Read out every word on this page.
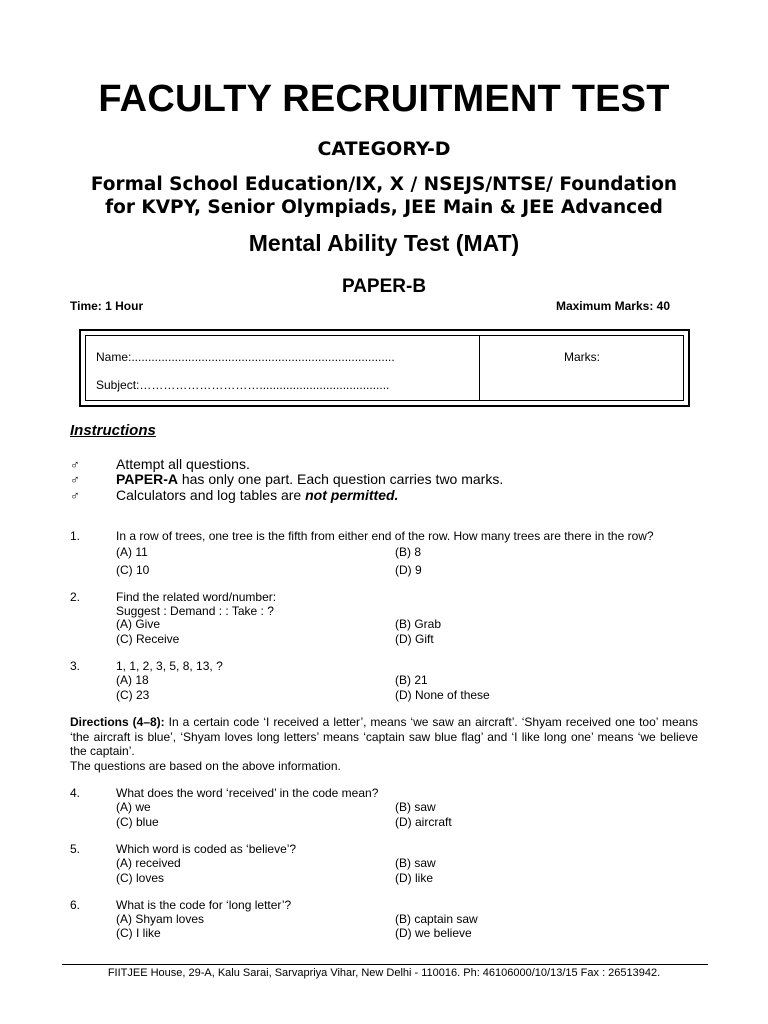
FACULTY RECRUITMENT TEST
CATEGORY-D
Formal School Education/IX, X / NSEJS/NTSE/ Foundation
for KVPY, Senior Olympiads, JEE Main & JEE Advanced
Mental Ability Test (MAT)
PAPER-B
Time: 1 Hour	Maximum Marks: 40
Name:...............................................................................
Subject:………………………….......................................
Marks:
Instructions
♂	Attempt all questions.
♂	PAPER-A has only one part. Each question carries two marks.
♂	Calculators and log tables are not permitted.
1.	In a row of trees, one tree is the fifth from either end of the row. How many trees are there in the row?
(A) 11	(B) 8
(C) 10	(D) 9
2.	Find the related word/number:
Suggest : Demand : : Take : ?
(A) Give	(B) Grab
(C) Receive	(D) Gift
3.	1, 1, 2, 3, 5, 8, 13, ?
(A) 18	(B) 21
(C) 23	(D) None of these
Directions (4–8): In a certain code ‘I received a letter’, means ‘we saw an aircraft’. ‘Shyam received one too’ means ‘the aircraft is blue’, ‘Shyam loves long letters’ means ‘captain saw blue flag’ and ‘I like long one’ means ‘we believe the captain’.
The questions are based on the above information.
4.	What does the word ‘received’ in the code mean?
(A) we	(B) saw
(C) blue	(D) aircraft
5.	Which word is coded as ‘believe’?
(A) received	(B) saw
(C) loves	(D) like
6.	What is the code for ‘long letter’?
(A) Shyam loves	(B) captain saw
(C) I like	(D) we believe
FIITJEE House, 29-A, Kalu Sarai, Sarvapriya Vihar, New Delhi - 110016. Ph: 46106000/10/13/15 Fax : 26513942.
